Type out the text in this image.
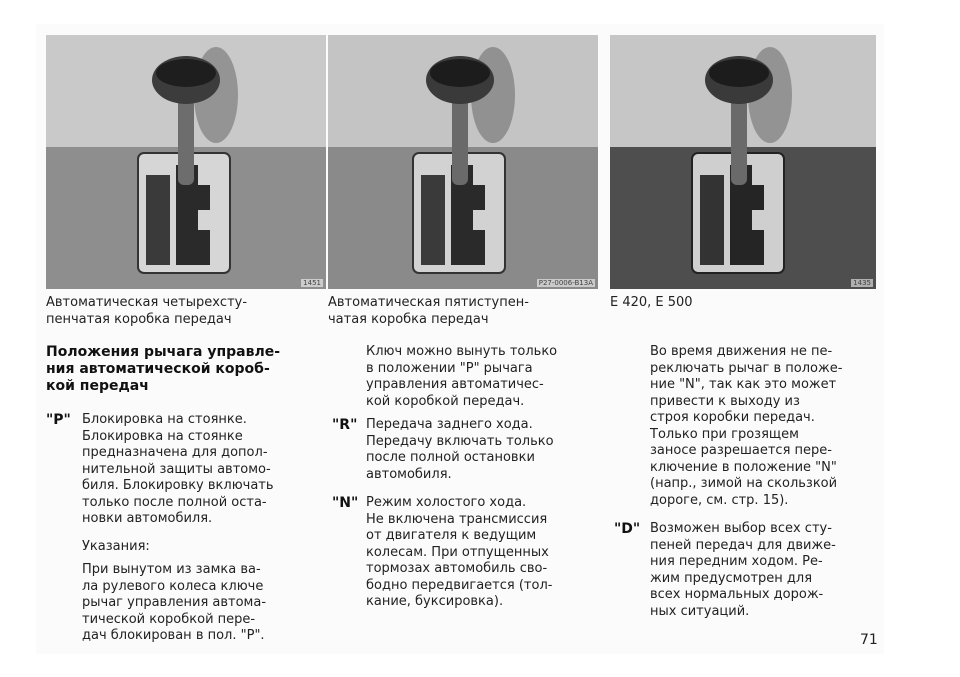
1451	P27-0006-B13A	1435
Автоматическая четырехсту-
пенчатая коробка передач
Автоматическая пятиступен-
чатая коробка передач
E 420, E 500
Положения рычага управле-
ния автоматической короб-
кой передач
"P" Блокировка на стоянке.
Блокировка на стоянке
предназначена для допол-
нительной защиты автомо-
биля. Блокировку включать
только после полной оста-
новки автомобиля.
Указания:
При вынутом из замка ва-
ла рулевого колеса ключе
рычаг управления автома-
тической коробкой пере-
дач блокирован в пол. "P".
Ключ можно вынуть только
в положении "P" рычага
управления автоматичес-
кой коробкой передач.
"R" Передача заднего хода.
Передачу включать только
после полной остановки
автомобиля.
"N" Режим холостого хода.
Не включена трансмиссия
от двигателя к ведущим
колесам. При отпущенных
тормозах автомобиль сво-
бодно передвигается (тол-
кание, буксировка).
Во время движения не пе-
реключать рычаг в положе-
ние "N", так как это может
привести к выходу из
строя коробки передач.
Только при грозящем
заносе разрешается пере-
ключение в положение "N"
(напр., зимой на скользкой
дороге, см. стр. 15).
"D" Возможен выбор всех сту-
пеней передач для движе-
ния передним ходом. Ре-
жим предусмотрен для
всех нормальных дорож-
ных ситуаций.
71
